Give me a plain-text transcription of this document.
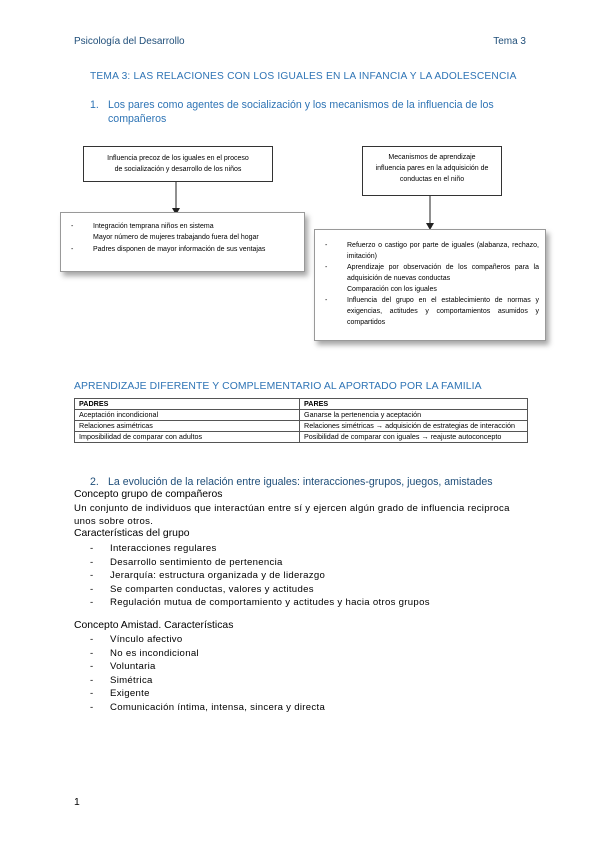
Psicología del Desarrollo	Tema 3
TEMA 3: LAS RELACIONES CON LOS IGUALES EN LA INFANCIA Y LA ADOLESCENCIA
1. Los pares como agentes de socialización y los mecanismos de la influencia de los
compañeros
Influencia precoz de los iguales en el proceso
de socialización y desarrollo de los niños
Mecanismos de aprendizaje
influencia pares en la adquisición de
conductas en el niño
-	Integración temprana niños en sistema
Mayor número de mujeres trabajando fuera del hogar
-	Padres disponen de mayor información de sus ventajas
-	Refuerzo o castigo por parte de iguales (alabanza, rechazo, imitación)
-	Aprendizaje por observación de los compañeros para la adquisición de nuevas conductas
Comparación con los iguales
-	Influencia del grupo en el establecimiento de normas y exigencias, actitudes y comportamientos asumidos y compartidos
APRENDIZAJE DIFERENTE Y COMPLEMENTARIO AL APORTADO POR LA FAMILIA
PADRES	PARES
Aceptación incondicional	Ganarse la pertenencia y aceptación
Relaciones asimétricas	Relaciones simétricas → adquisición de estrategias de interacción
Imposibilidad de comparar con adultos	Posibilidad de comparar con iguales → reajuste autoconcepto
2. La evolución de la relación entre iguales: interacciones-grupos, juegos, amistades
Concepto grupo de compañeros
Un conjunto de individuos que interactúan entre sí y ejercen algún grado de influencia reciproca unos sobre otros.
Características del grupo
- Interacciones regulares
- Desarrollo sentimiento de pertenencia
- Jerarquía: estructura organizada y de liderazgo
- Se comparten conductas, valores y actitudes
- Regulación mutua de comportamiento y actitudes y hacia otros grupos
Concepto Amistad. Características
- Vínculo afectivo
- No es incondicional
- Voluntaria
- Simétrica
- Exigente
- Comunicación íntima, intensa, sincera y directa
1
